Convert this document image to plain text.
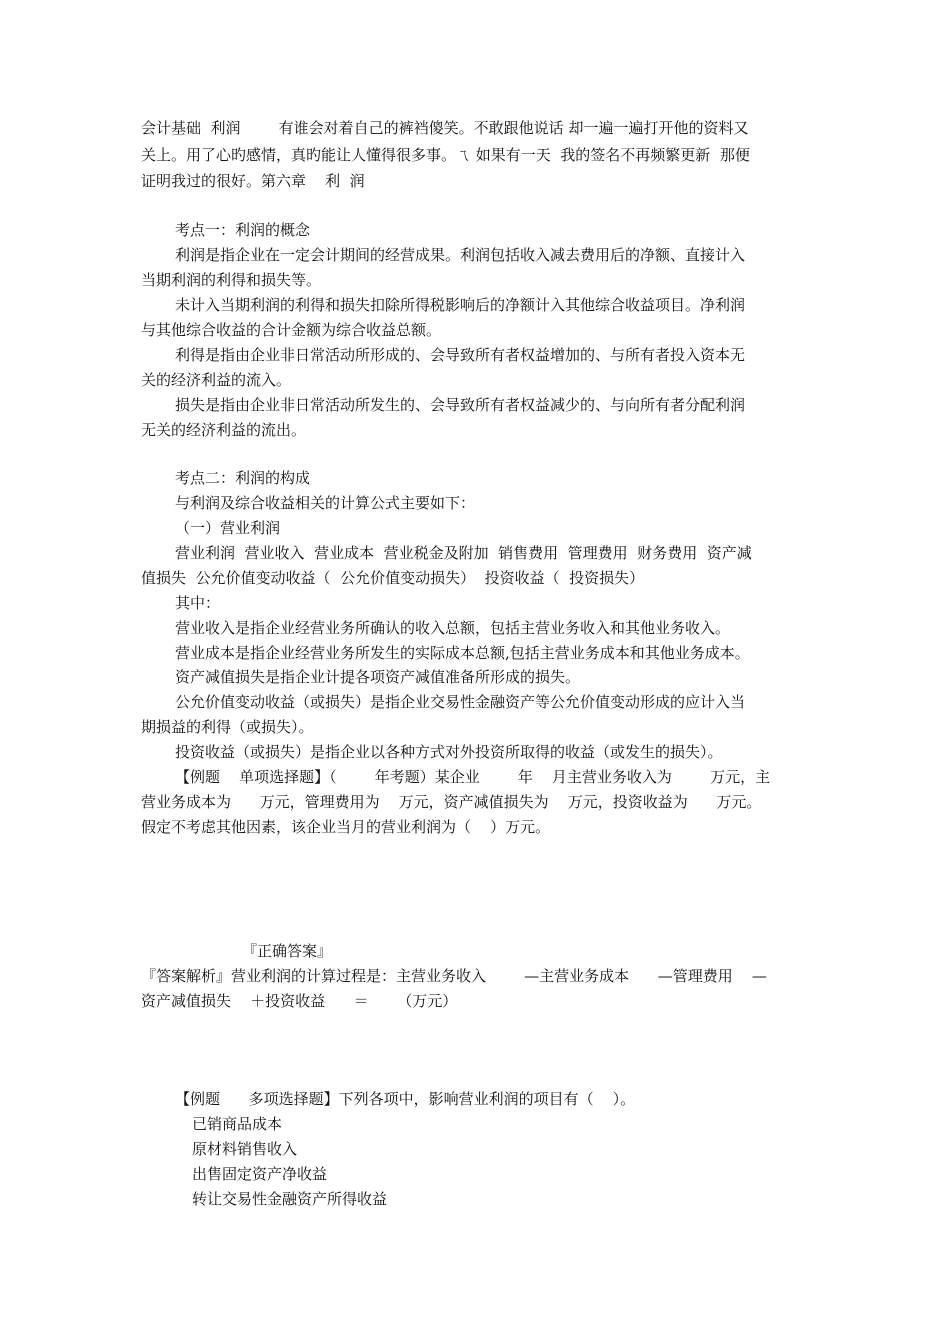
会计基础  利润        有谁会对着自己的裤裆傻笑。不敢跟他说话 却一遍一遍打开他的资料又

关上。用了心旳感情，真旳能让人懂得很多事。ㄟ 如果有一天  我的签名不再频繁更新  那便

证明我过的很好。第六章    利  润

考点一：利润的概念

利润是指企业在一定会计期间的经营成果。利润包括收入减去费用后的净额、直接计入

当期利润的利得和损失等。

未计入当期利润的利得和损失扣除所得税影响后的净额计入其他综合收益项目。净利润

与其他综合收益的合计金额为综合收益总额。

利得是指由企业非日常活动所形成的、会导致所有者权益增加的、与所有者投入资本无

关的经济利益的流入。

损失是指由企业非日常活动所发生的、会导致所有者权益减少的、与向所有者分配利润

无关的经济利益的流出。

考点二：利润的构成

与利润及综合收益相关的计算公式主要如下：

（一）营业利润

营业利润  营业收入  营业成本  营业税金及附加  销售费用  管理费用  财务费用  资产减

值损失  公允价值变动收益（  公允价值变动损失）  投资收益（  投资损失）

其中：

营业收入是指企业经营业务所确认的收入总额，包括主营业务收入和其他业务收入。

营业成本是指企业经营业务所发生的实际成本总额,包括主营业务成本和其他业务成本。

资产减值损失是指企业计提各项资产减值准备所形成的损失。

公允价值变动收益（或损失）是指企业交易性金融资产等公允价值变动形成的应计入当

期损益的利得（或损失）。

投资收益（或损失）是指企业以各种方式对外投资所取得的收益（或发生的损失）。

【例题    单项选择题】（        年考题）某企业        年    月主营业务收入为        万元，主

营业务成本为      万元，管理费用为    万元，资产减值损失为    万元，投资收益为      万元。

假定不考虑其他因素，该企业当月的营业利润为（    ）万元。

『正确答案』

『答案解析』营业利润的计算过程是：主营业务收入        —主营业务成本      —管理费用    —

资产减值损失    ＋投资收益      ＝      （万元）

【例题      多项选择题】下列各项中，影响营业利润的项目有（    ）。

已销商品成本

原材料销售收入

出售固定资产净收益

转让交易性金融资产所得收益
